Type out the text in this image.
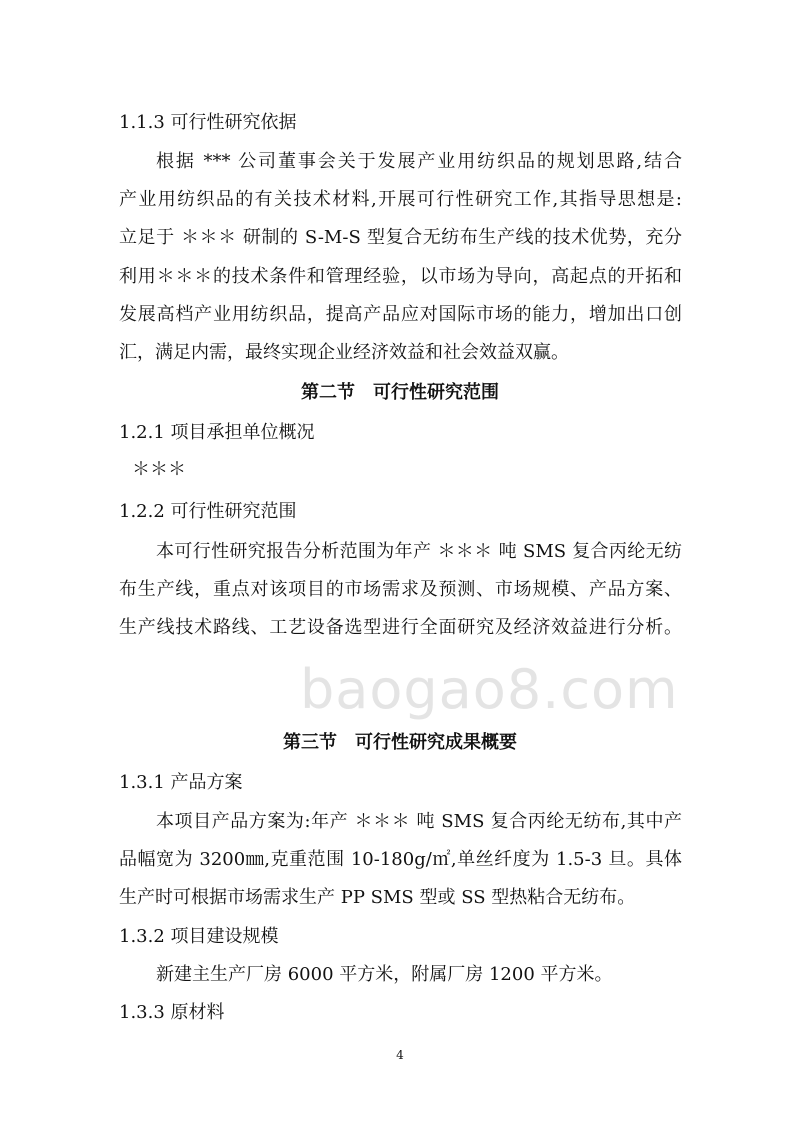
baogao8.com
1.1.3 可行性研究依据
根据 *** 公司董事会关于发展产业用纺织品的规划思路,结合
产业用纺织品的有关技术材料,开展可行性研究工作,其指导思想是:
立足于 ＊＊＊ 研制的 S-M-S 型复合无纺布生产线的技术优势，充分
利用＊＊＊的技术条件和管理经验，以市场为导向，高起点的开拓和
发展高档产业用纺织品，提高产品应对国际市场的能力，增加出口创
汇，满足内需，最终实现企业经济效益和社会效益双赢。
第二节　可行性研究范围
1.2.1 项目承担单位概况
＊＊＊
1.2.2 可行性研究范围
本可行性研究报告分析范围为年产 ＊＊＊ 吨 SMS 复合丙纶无纺
布生产线，重点对该项目的市场需求及预测、市场规模、产品方案、
生产线技术路线、工艺设备选型进行全面研究及经济效益进行分析。
第三节　可行性研究成果概要
1.3.1 产品方案
本项目产品方案为:年产 ＊＊＊ 吨 SMS 复合丙纶无纺布,其中产
品幅宽为 3200㎜,克重范围 10-180g/㎡,单丝纤度为 1.5-3 旦。具体
生产时可根据市场需求生产 PP SMS 型或 SS 型热粘合无纺布。
1.3.2 项目建设规模
新建主生产厂房 6000 平方米，附属厂房 1200 平方米。
1.3.3 原材料
4
